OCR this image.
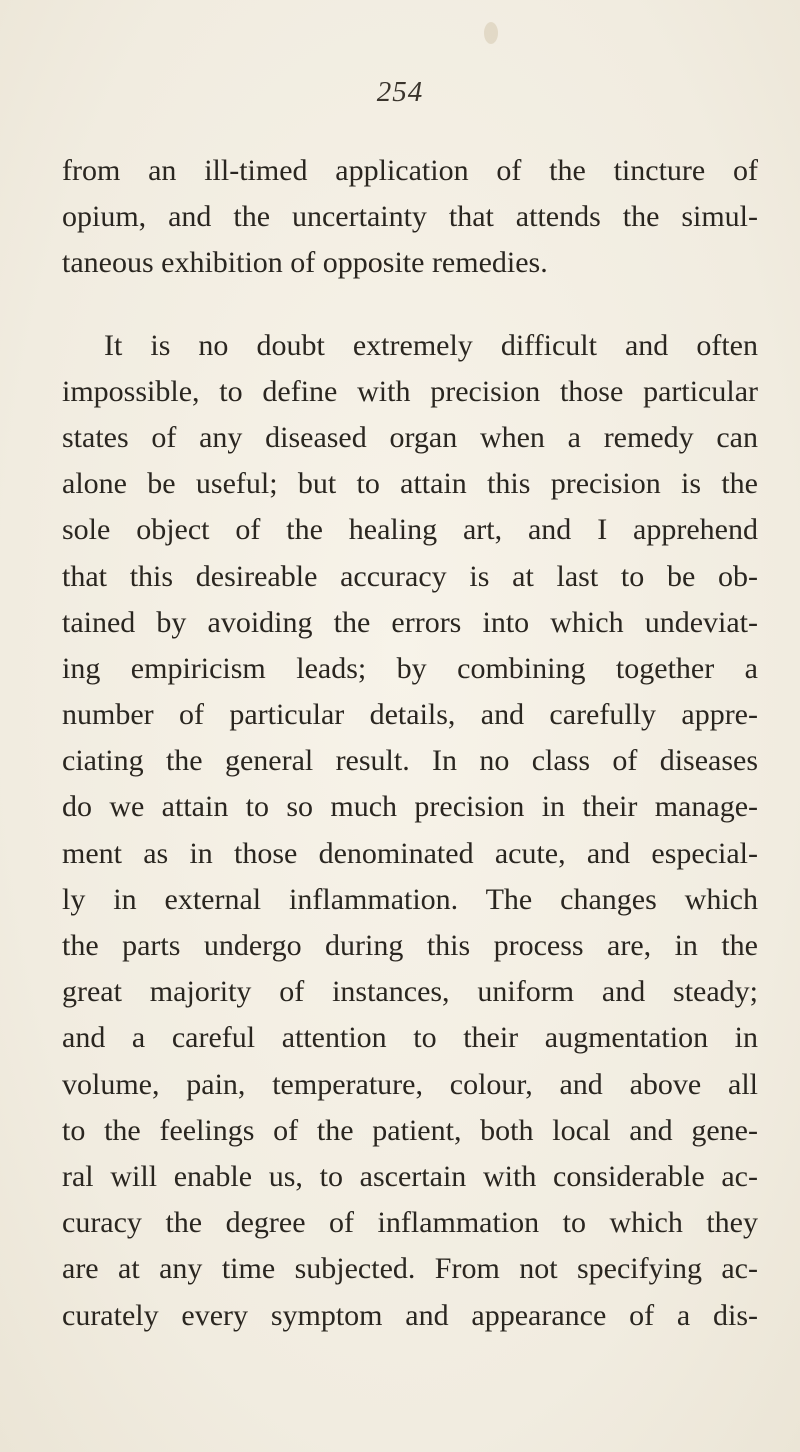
254
from an ill-timed application of the tincture of
opium, and the uncertainty that attends the simul-
taneous exhibition of opposite remedies.
It is no doubt extremely difficult and often
impossible, to define with precision those particular
states of any diseased organ when a remedy can
alone be useful; but to attain this precision is the
sole object of the healing art, and I apprehend
that this desireable accuracy is at last to be ob-
tained by avoiding the errors into which undeviat-
ing empiricism leads; by combining together a
number of particular details, and carefully appre-
ciating the general result. In no class of diseases
do we attain to so much precision in their manage-
ment as in those denominated acute, and especial-
ly in external inflammation. The changes which
the parts undergo during this process are, in the
great majority of instances, uniform and steady;
and a careful attention to their augmentation in
volume, pain, temperature, colour, and above all
to the feelings of the patient, both local and gene-
ral will enable us, to ascertain with considerable ac-
curacy the degree of inflammation to which they
are at any time subjected. From not specifying ac-
curately every symptom and appearance of a dis-
